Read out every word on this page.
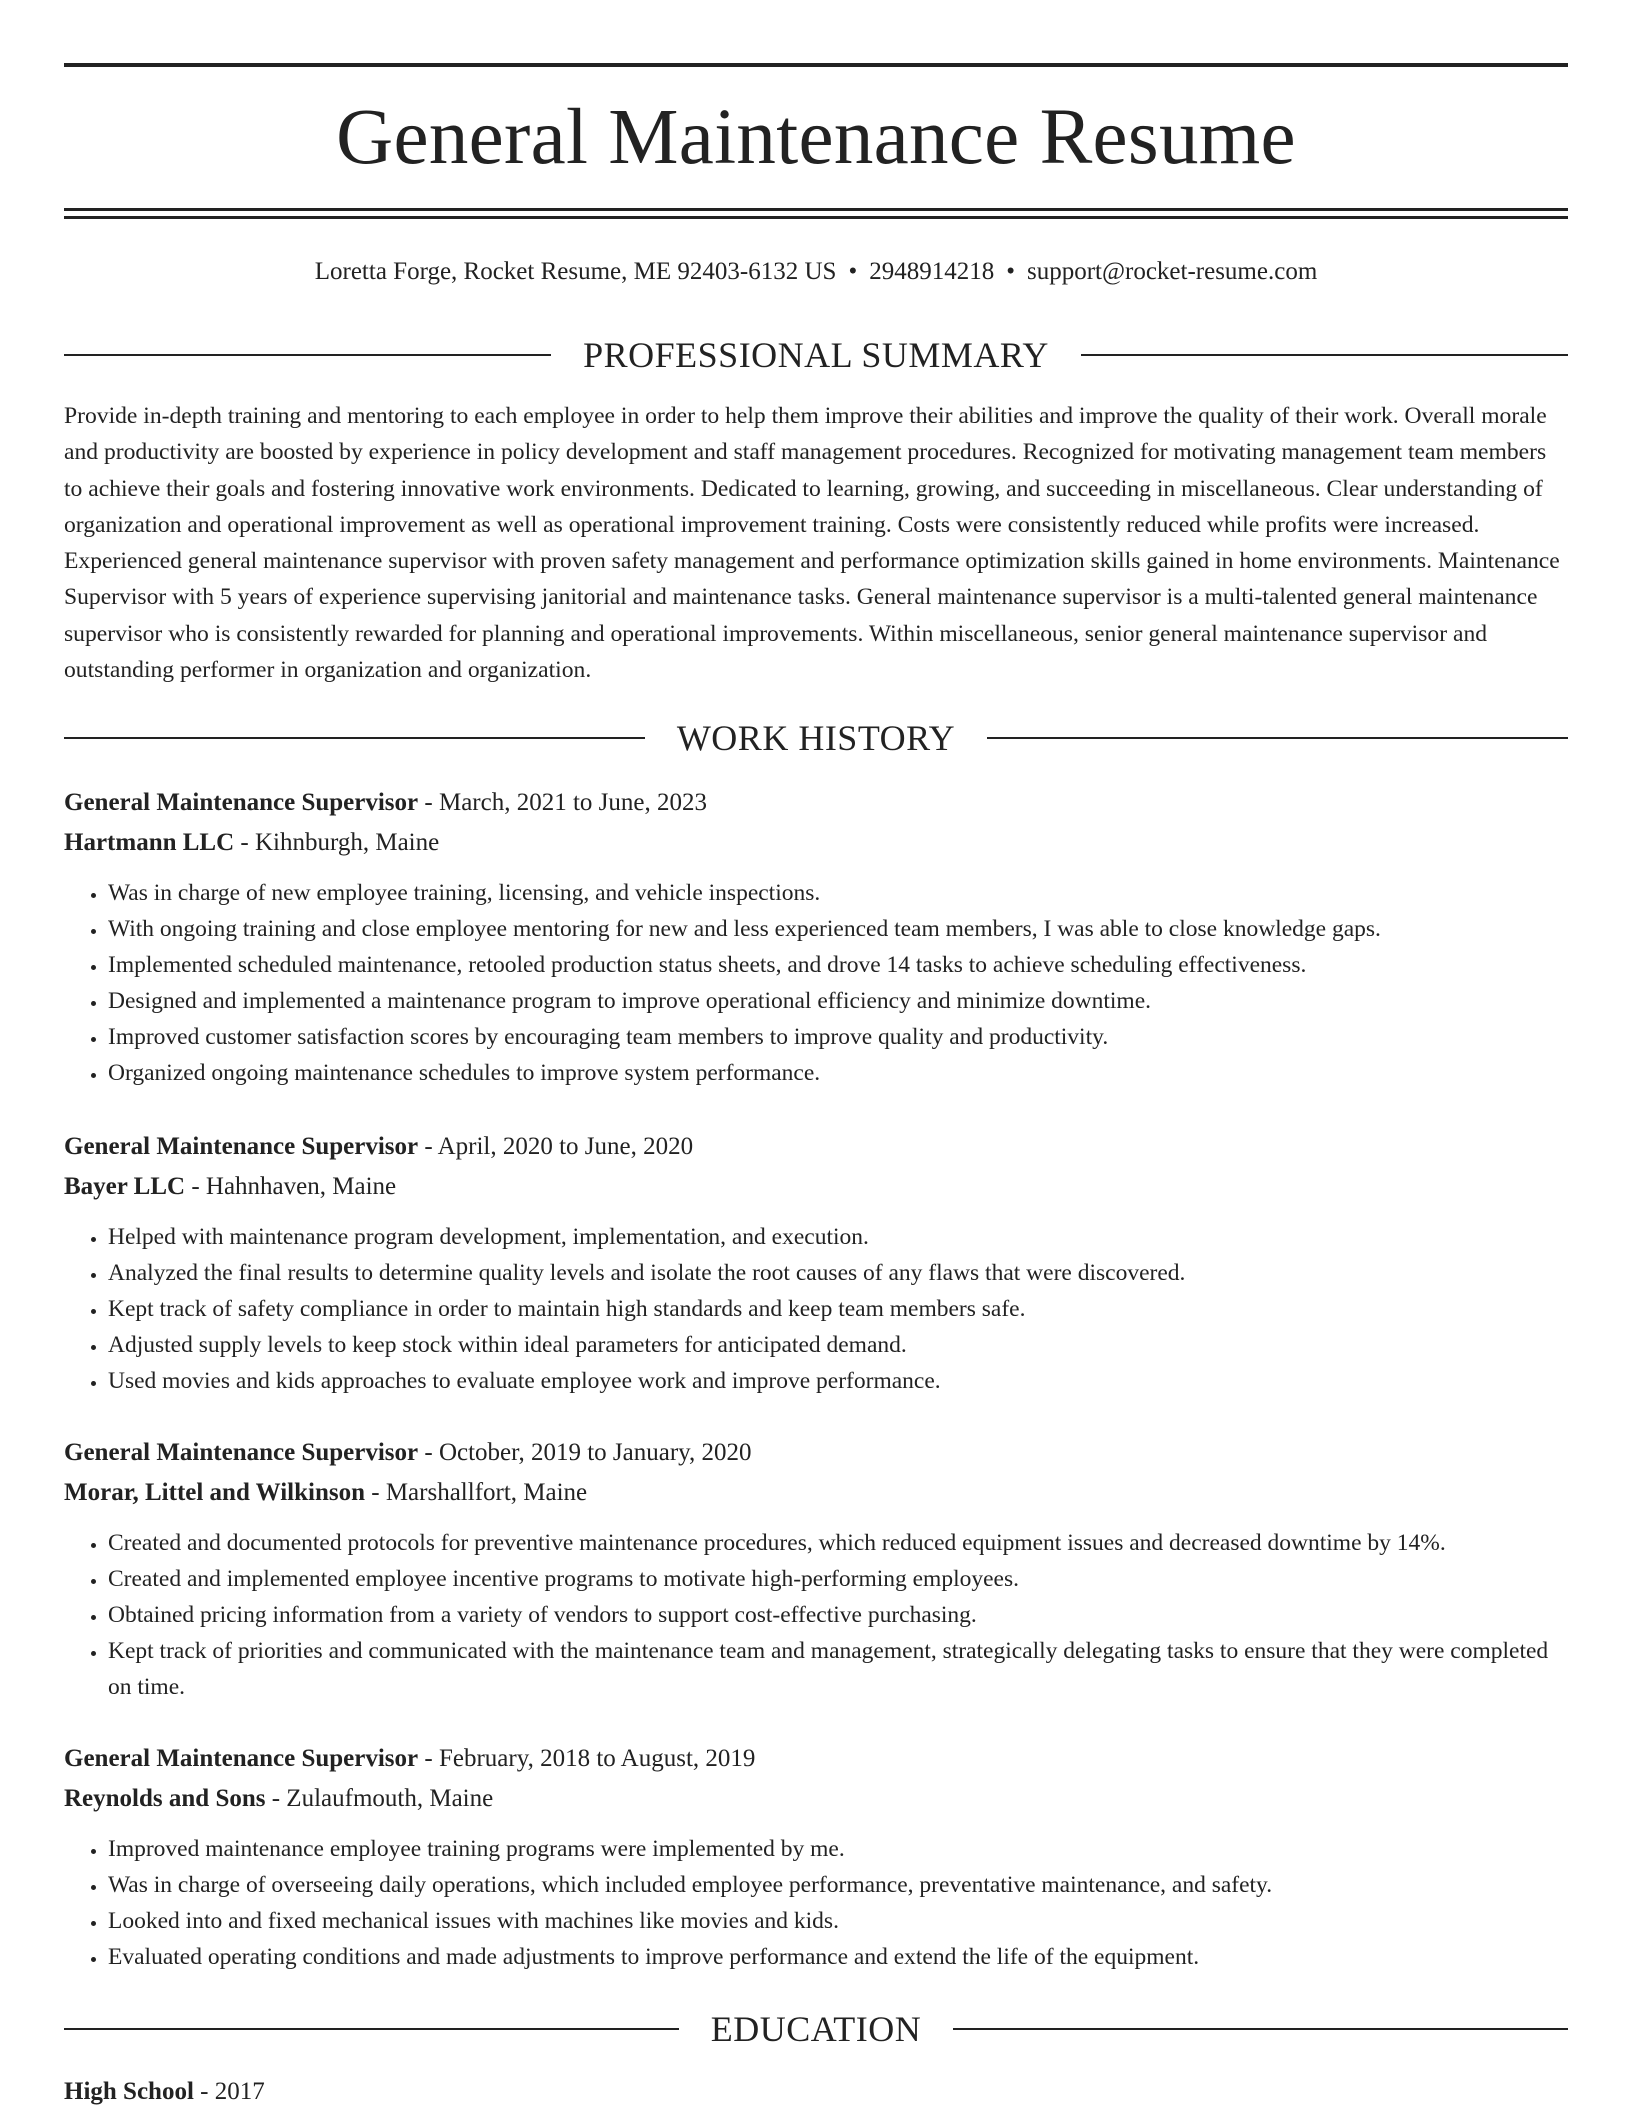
General Maintenance Resume
Loretta Forge, Rocket Resume, ME 92403-6132 US • 2948914218 • support@rocket-resume.com
PROFESSIONAL SUMMARY

Provide in-depth training and mentoring to each employee in order to help them improve their abilities and improve the quality of their work. Overall morale and productivity are boosted by experience in policy development and staff management procedures. Recognized for motivating management team members to achieve their goals and fostering innovative work environments. Dedicated to learning, growing, and succeeding in miscellaneous. Clear understanding of organization and operational improvement as well as operational improvement training. Costs were consistently reduced while profits were increased. Experienced general maintenance supervisor with proven safety management and performance optimization skills gained in home environments. Maintenance Supervisor with 5 years of experience supervising janitorial and maintenance tasks. General maintenance supervisor is a multi-talented general maintenance supervisor who is consistently rewarded for planning and operational improvements. Within miscellaneous, senior general maintenance supervisor and outstanding performer in organization and organization.

WORK HISTORY
General Maintenance Supervisor - March, 2021 to June, 2023
Hartmann LLC - Kihnburgh, Maine
• Was in charge of new employee training, licensing, and vehicle inspections.
• With ongoing training and close employee mentoring for new and less experienced team members, I was able to close knowledge gaps.
• Implemented scheduled maintenance, retooled production status sheets, and drove 14 tasks to achieve scheduling effectiveness.
• Designed and implemented a maintenance program to improve operational efficiency and minimize downtime.
• Improved customer satisfaction scores by encouraging team members to improve quality and productivity.
• Organized ongoing maintenance schedules to improve system performance.
General Maintenance Supervisor - April, 2020 to June, 2020
Bayer LLC - Hahnhaven, Maine
• Helped with maintenance program development, implementation, and execution.
• Analyzed the final results to determine quality levels and isolate the root causes of any flaws that were discovered.
• Kept track of safety compliance in order to maintain high standards and keep team members safe.
• Adjusted supply levels to keep stock within ideal parameters for anticipated demand.
• Used movies and kids approaches to evaluate employee work and improve performance.
General Maintenance Supervisor - October, 2019 to January, 2020
Morar, Littel and Wilkinson - Marshallfort, Maine
• Created and documented protocols for preventive maintenance procedures, which reduced equipment issues and decreased downtime by 14%.
• Created and implemented employee incentive programs to motivate high-performing employees.
• Obtained pricing information from a variety of vendors to support cost-effective purchasing.
• Kept track of priorities and communicated with the maintenance team and management, strategically delegating tasks to ensure that they were completed on time.
General Maintenance Supervisor - February, 2018 to August, 2019
Reynolds and Sons - Zulaufmouth, Maine
• Improved maintenance employee training programs were implemented by me.
• Was in charge of overseeing daily operations, which included employee performance, preventative maintenance, and safety.
• Looked into and fixed mechanical issues with machines like movies and kids.
• Evaluated operating conditions and made adjustments to improve performance and extend the life of the equipment.
EDUCATION
High School - 2017
